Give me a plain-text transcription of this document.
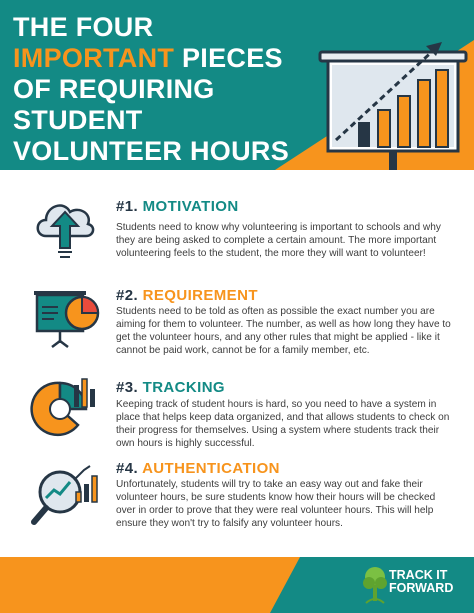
THE FOUR
IMPORTANT PIECES
OF REQUIRING
STUDENT
VOLUNTEER HOURS
#1. MOTIVATION

Students need to know why volunteering is important to schools and why they are being asked to complete a certain amount. The more important volunteering feels to the student, the more they will want to volunteer!

#2. REQUIREMENT

Students need to be told as often as possible the exact number you are aiming for them to volunteer. The number, as well as how long they have to get the volunteer hours, and any other rules that might be applied - like it cannot be paid work, cannot be for a family member, etc.

#3. TRACKING

Keeping track of student hours is hard, so you need to have a system in place that helps keep data organized, and that allows students to check on their progress for themselves. Using a system where students track their own hours is highly successful.

#4. AUTHENTICATION

Unfortunately, students will try to take an easy way out and fake their volunteer hours, be sure students know how their hours will be checked over in order to prove that they were real volunteer hours. This will help ensure they won't try to falsify any volunteer hours.

TRACK IT
FORWARD
